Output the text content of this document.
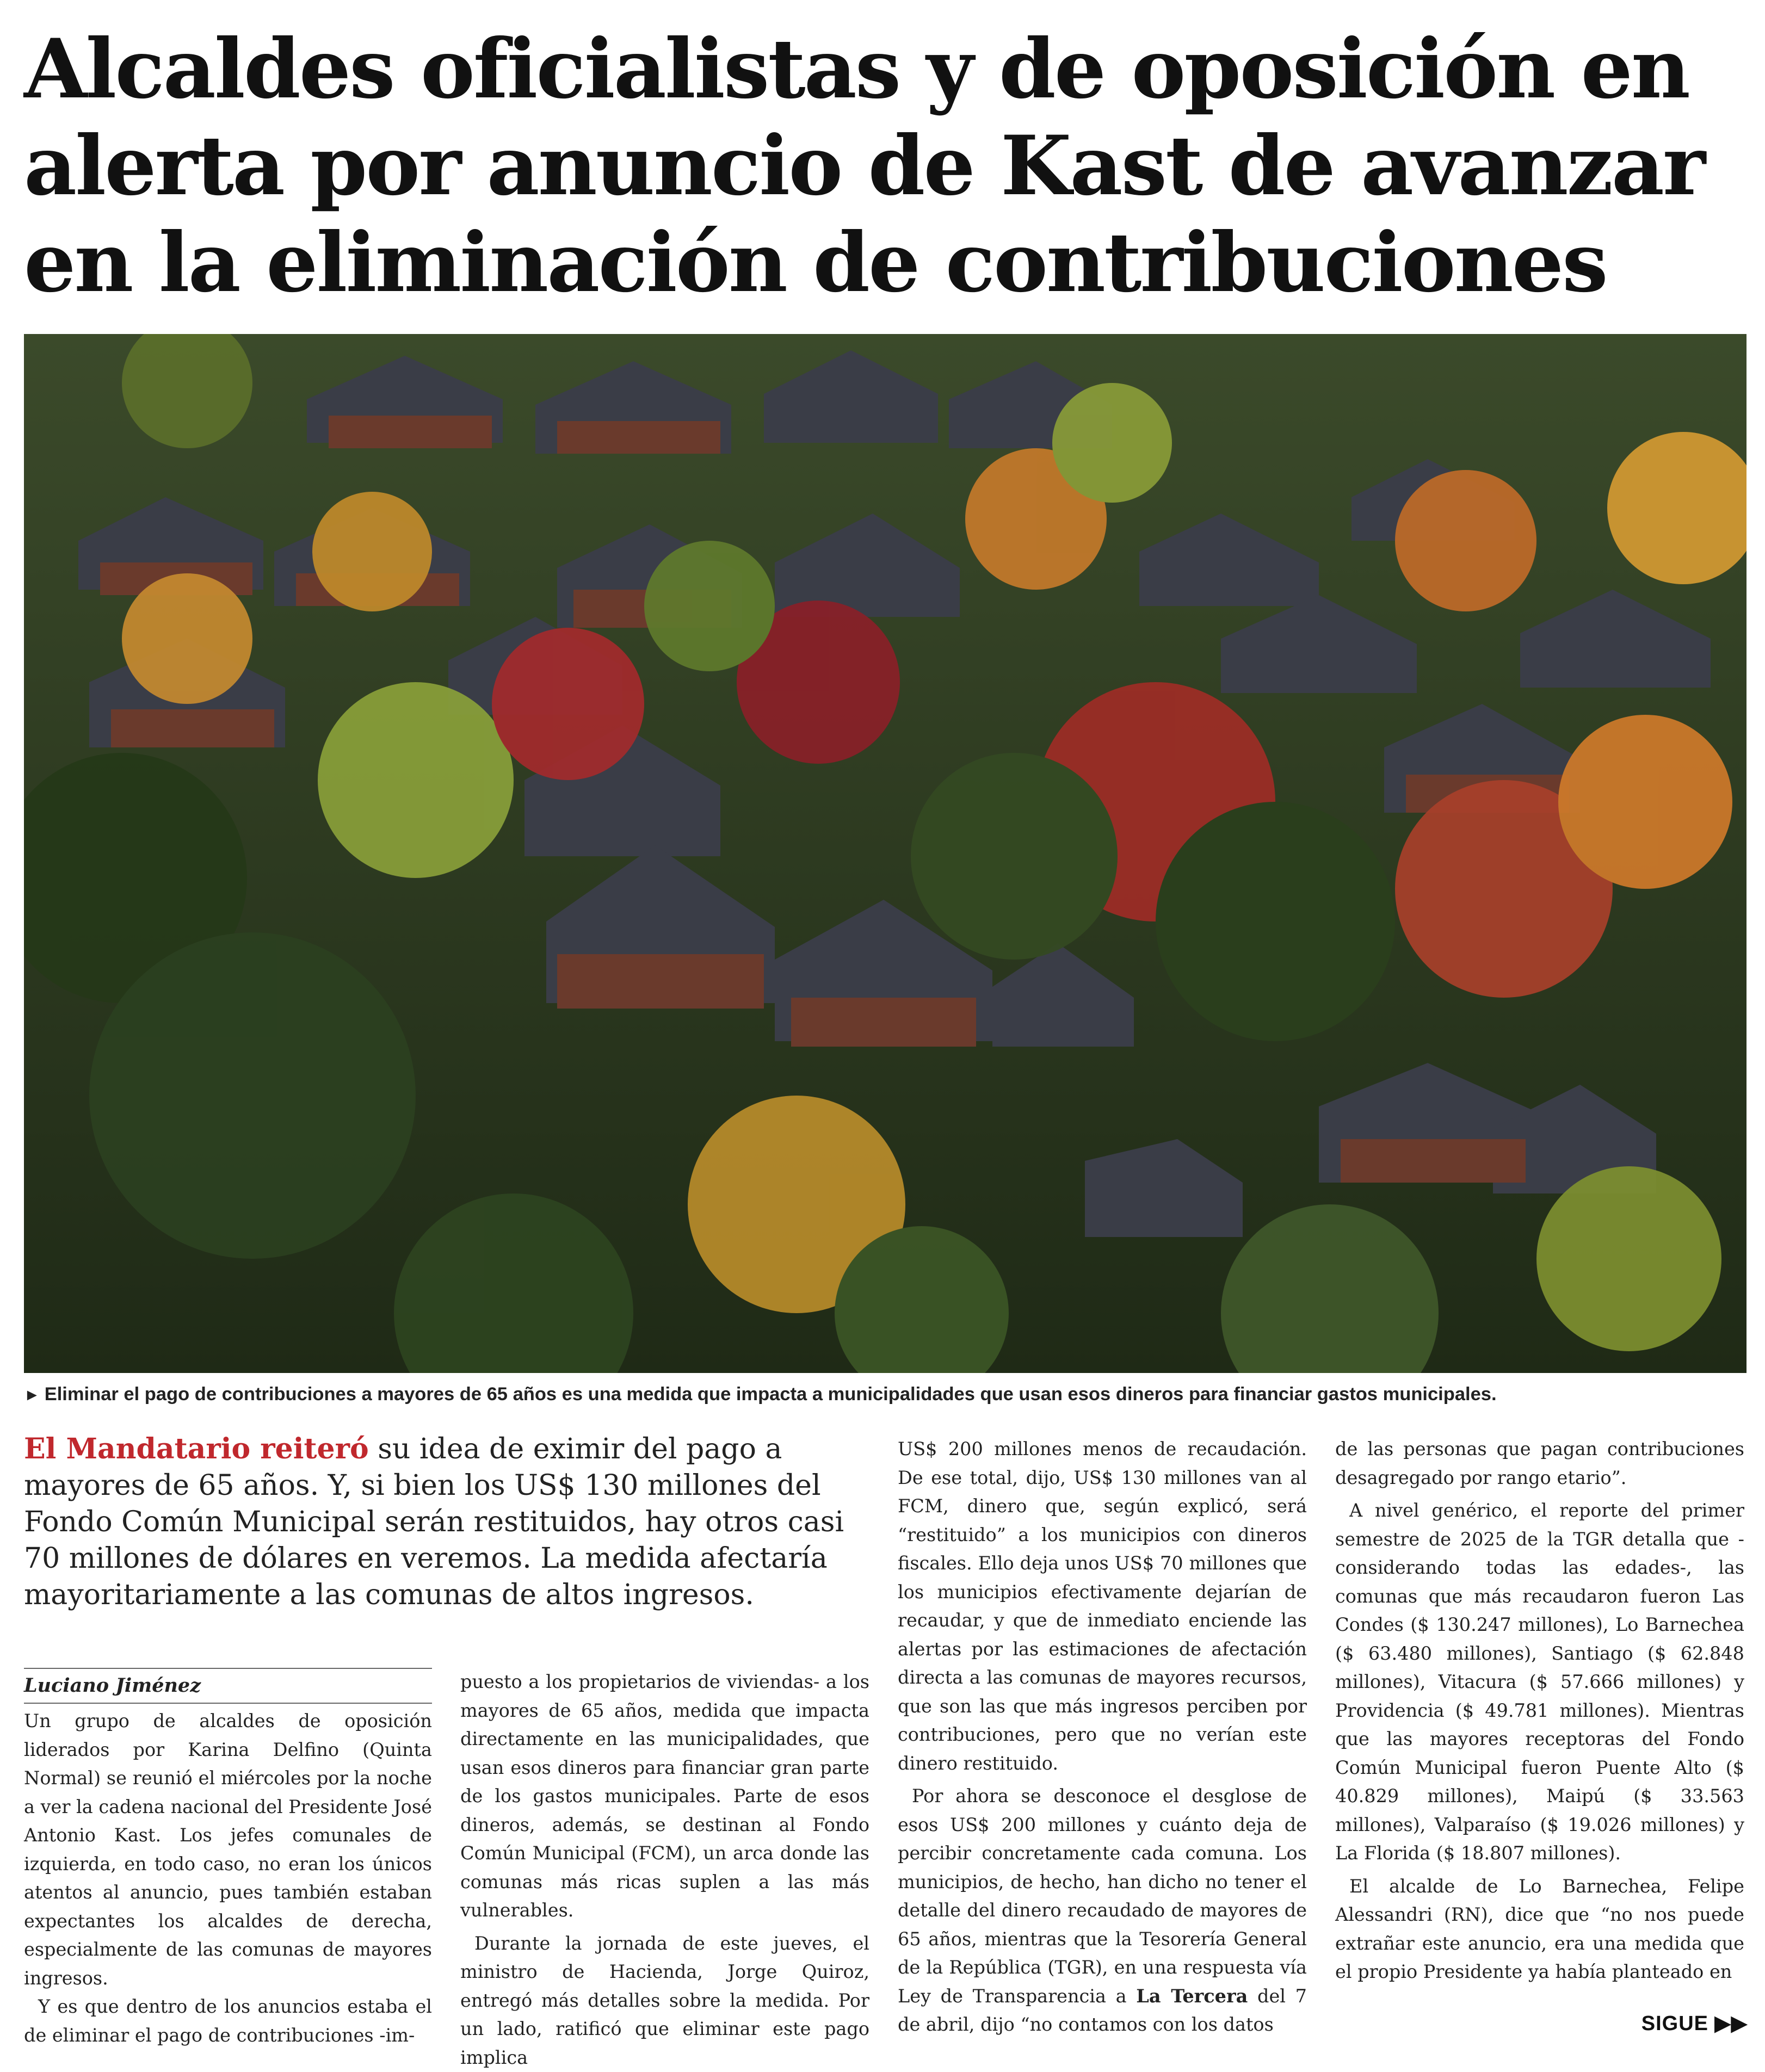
Alcaldes oficialistas y de oposición en
alerta por anuncio de Kast de avanzar
en la eliminación de contribuciones
► Eliminar el pago de contribuciones a mayores de 65 años es una medida que impacta a municipalidades que usan esos dineros para financiar gastos municipales.
El Mandatario reiteró su idea de eximir del pago a mayores de 65 años. Y, si bien los US$ 130 millones del Fondo Común Municipal serán restituidos, hay otros casi 70 millones de dólares en veremos. La medida afectaría mayoritariamente a las comunas de altos ingresos.
Luciano Jiménez

Un grupo de alcaldes de oposición liderados por Karina Delfino (Quinta Normal) se reunió el miércoles por la noche a ver la cadena nacional del Presidente José Antonio Kast. Los jefes comunales de izquierda, en todo caso, no eran los únicos atentos al anuncio, pues también estaban expectantes los alcaldes de derecha, especialmente de las comunas de mayores ingresos.

Y es que dentro de los anuncios estaba el de eliminar el pago de contribuciones -im-

puesto a los propietarios de viviendas- a los mayores de 65 años, medida que impacta directamente en las municipalidades, que usan esos dineros para financiar gran parte de los gastos municipales. Parte de esos dineros, además, se destinan al Fondo Común Municipal (FCM), un arca donde las comunas más ricas suplen a las más vulnerables.

Durante la jornada de este jueves, el ministro de Hacienda, Jorge Quiroz, entregó más detalles sobre la medida. Por un lado, ratificó que eliminar este pago implica

US$ 200 millones menos de recaudación. De ese total, dijo, US$ 130 millones van al FCM, dinero que, según explicó, será “restituido” a los municipios con dineros fiscales. Ello deja unos US$ 70 millones que los municipios efectivamente dejarían de recaudar, y que de inmediato enciende las alertas por las estimaciones de afectación directa a las comunas de mayores recursos, que son las que más ingresos perciben por contribuciones, pero que no verían este dinero restituido.

Por ahora se desconoce el desglose de esos US$ 200 millones y cuánto deja de percibir concretamente cada comuna. Los municipios, de hecho, han dicho no tener el detalle del dinero recaudado de mayores de 65 años, mientras que la Tesorería General de la República (TGR), en una respuesta vía Ley de Transparencia a La Tercera del 7 de abril, dijo “no contamos con los datos

de las personas que pagan contribuciones desagregado por rango etario”.

A nivel genérico, el reporte del primer semestre de 2025 de la TGR detalla que -considerando todas las edades-, las comunas que más recaudaron fueron Las Condes ($ 130.247 millones), Lo Barnechea ($ 63.480 millones), Santiago ($ 62.848 millones), Vitacura ($ 57.666 millones) y Providencia ($ 49.781 millones). Mientras que las mayores receptoras del Fondo Común Municipal fueron Puente Alto ($ 40.829 millones), Maipú ($ 33.563 millones), Valparaíso ($ 19.026 millones) y La Florida ($ 18.807 millones).

El alcalde de Lo Barnechea, Felipe Alessandri (RN), dice que “no nos puede extrañar este anuncio, era una medida que el propio Presidente ya había planteado en

SIGUE ▶▶
